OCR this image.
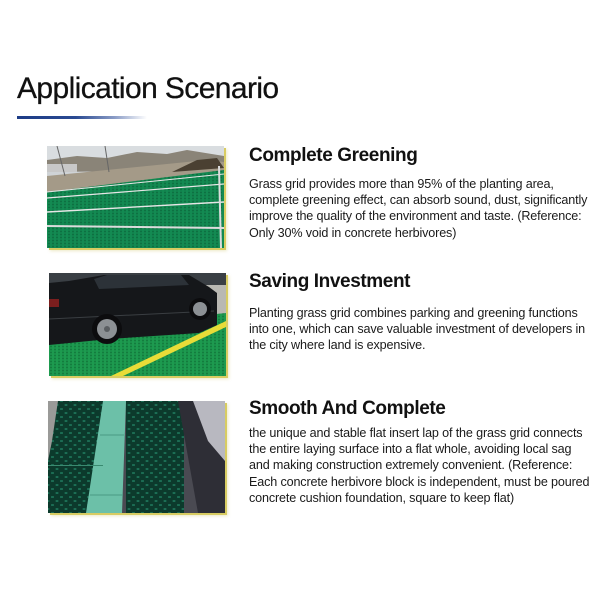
Application Scenario
Complete Greening

Grass grid provides more than 95% of the planting area, complete greening effect, can absorb sound, dust, significantly improve the quality of the environment and taste. (Reference: Only 30% void in concrete herbivores)

Saving Investment

Planting grass grid combines parking and greening functions into one, which can save valuable investment of developers in the city where land is expensive.

Smooth And Complete

the unique and stable flat insert lap of the grass grid connects the entire laying surface into a flat whole, avoiding local sag and making construction extremely convenient. (Reference: Each concrete herbivore block is independent, must be poured concrete cushion foundation, square to keep flat)
